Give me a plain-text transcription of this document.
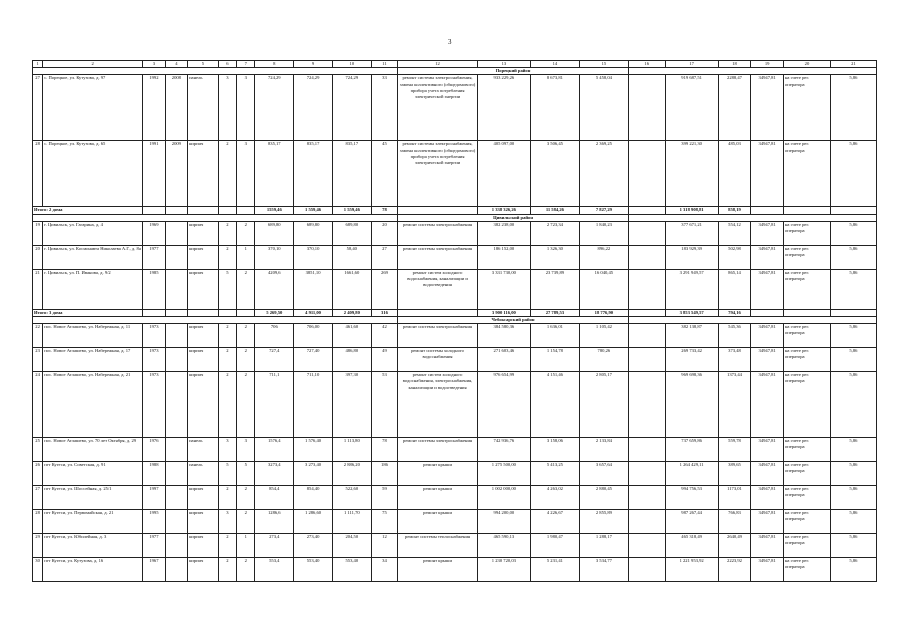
3
1	2	3	4	5	6	7	8	9	10	11	12	13	14	15	16	17	18	19	20	21
											Порецкий район									
27	с. Порецкое, ул. Кутузова, д. 97	1992	2008	панель	3	3	724,29	724,29	724,29	33	ремонт системы электроснабжения, замена коллективного (общедомового) прибора учета потребления электрической энергии	933 229,26	8 673,81	5 458,04		919 687,51	2288,47	34947,81	на счете рег. оператора	5,86
28	с. Порецкое, ул. Кутузова, д. 65	1991	2009	кирпич	2	3	835,17	835,17	835,17	45	ремонт системы электроснабжения, замена коллективного (общедомового) прибора учета потребления электрической энергии	405 097,00	3 506,45	2 369,25		399 221,30	485,03	34947,81	на счете рег. оператора	5,86
Итого: 2 дома							1559,46	1 559,46	1 559,46	78		1 338 326,26	11 584,26	7 827,29		1 318 908,81	858,19			
											Цивильский район									
19	г. Цивильск, ул. Гагарина, д. 4	1969		кирпич	2	2	689,80	689,80	689,80	20	ремонт системы электроснабжения	382 238,00	2 723,34	1 840,23		377 671,21	554,12	34947,81	на счете рег. оператора	5,86
20	г. Цивильск, ул. Космонавта Николаева А.Г., д. 8а	1977		кирпич	2	1	370,10	370,10	58,40	27	ремонт системы электроснабжения	186 152,00	1 326,30	896,22		183 929,39	502,98	34947,81	на счете рег. оператора	5,86
21	г. Цивильск, ул. П. Иванова, д. 9/2	1985		кирпич	5	2	4209,6	3851,10	1661,60	269	ремонт систем холодного водоснабжения, канализации и водоотведения	3 331 730,00	23 739,89	16 040,45		3 291 949,57	865,14	34947,81	на счете рег. оператора	5,86
Итого: 3 дома							5 269,50	4 911,00	2 409,80	316		3 900 116,00	27 789,53	18 776,90		3 853 549,57	794,16			
											Чебоксарский район									
22	пос. Новое Атлашево, ул. Набережная, д. 11	1973		кирпич	2	2	706	706,00	461,60	42	ремонт системы электроснабжения	384 580,36	1 636,01	1 105,42		382 138,87	545,36	34947,81	на счете рег. оператора	5,86
23	пос. Новое Атлашево, ул. Набережная, д. 17	1973		кирпич	2	2	727,4	727,40	486,80	49	ремонт системы холодного водоснабжения	271 603,46	1 154,78	780,26		269 733,42	373,48	34947,81	на счете рег. оператора	5,86
24	пос. Новое Атлашево, ул. Набережная, д. 21	1973		кирпич	2	2	711,1	711,10	397,30	53	ремонт систем холодного водоснабжения, электроснабжения, канализации и водоотведения	976 654,99	4 151,46	2 805,17		969 698,36	1373,44	34947,81	на счете рег. оператора	5,86
25	пос. Новое Атлашево, ул. 70 лет Октября, д. 29	1976		панель	3	3	1576,4	1 576,40	1 113,80	78	ремонт системы электроснабжения	742 936,76	3 158,06	2 133,84		737 659,86	559,78	34947,81	на счете рег. оператора	5,86
26	пгт Кугеси, ул. Советская, д. 91	1988		панель	5	5	3273,4	3 273,40	2 886,20	186	ремонт крыши	1 275 500,00	5 413,25	3 657,64		1 264 429,11	389,65	34947,81	на счете рег. оператора	5,86
27	пгт Кугеси, ул. Шоссейная, д. 25/1	1997		кирпич	2	2	854,4	854,40	522,60	59	ремонт крыши	1 002 000,00	4 263,02	2 880,45		994 756,53	1173,01	34947,81	на счете рег. оператора	5,86
28	пгт Кугеси, ул. Первомайская, д. 21	1995		кирпич	3	2	1286,6	1 286,60	1 111,70	75	ремонт крыши	994 200,00	4 226,67	2 855,89		987 267,44	766,83	34947,81	на счете рег. оператора	5,86
29	пгт Кугеси, ул. Юбилейная, д. 3	1977		кирпич	2	1	273,4	273,40	204,50	12	ремонт системы теплоснабжения	465 590,13	1 980,47	1 288,17		465 318,49	2640,49	34947,81	на счете рег. оператора	5,86
30	пгт Кугеси, ул. Кутузова, д. 16	1967		кирпич	2	2	553,4	553,40	553,40	34	ремонт крыши	1 230 720,03	5 231,41	3 534,77		1 221 953,92	2223,92	34947,81	на счете рег. оператора	5,86
